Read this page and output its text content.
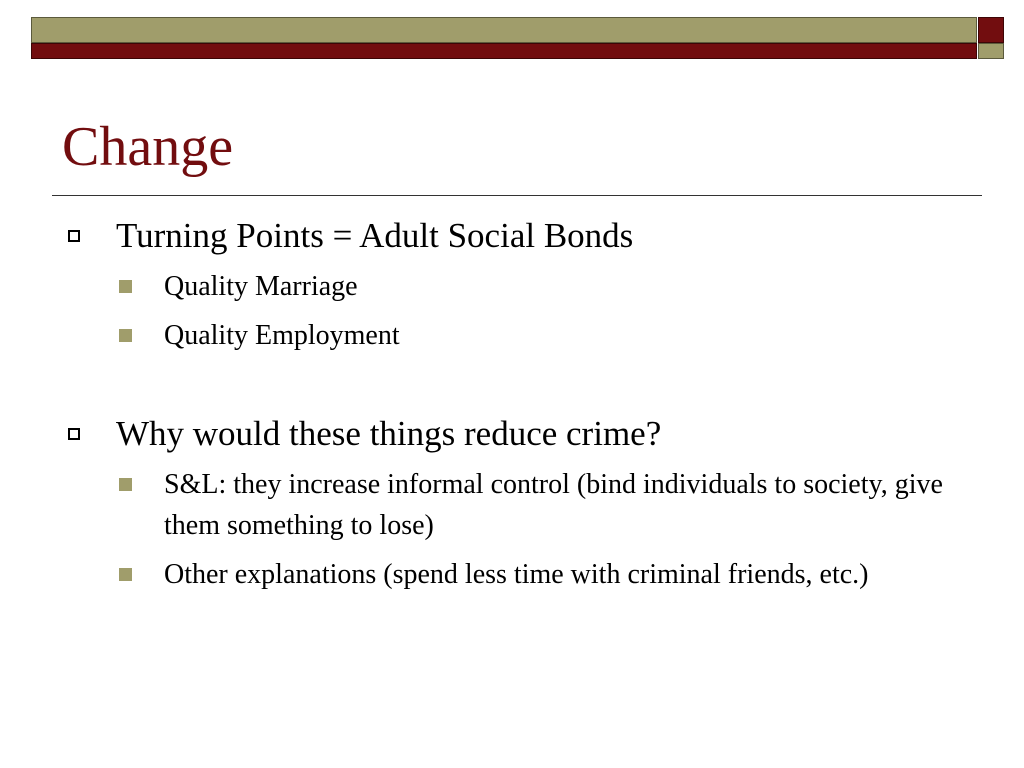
Change
Turning Points = Adult Social Bonds
Quality Marriage
Quality Employment
Why would these things reduce crime?
S&L: they increase informal control (bind individuals to society, give them something to lose)
Other explanations (spend less time with criminal friends, etc.)
